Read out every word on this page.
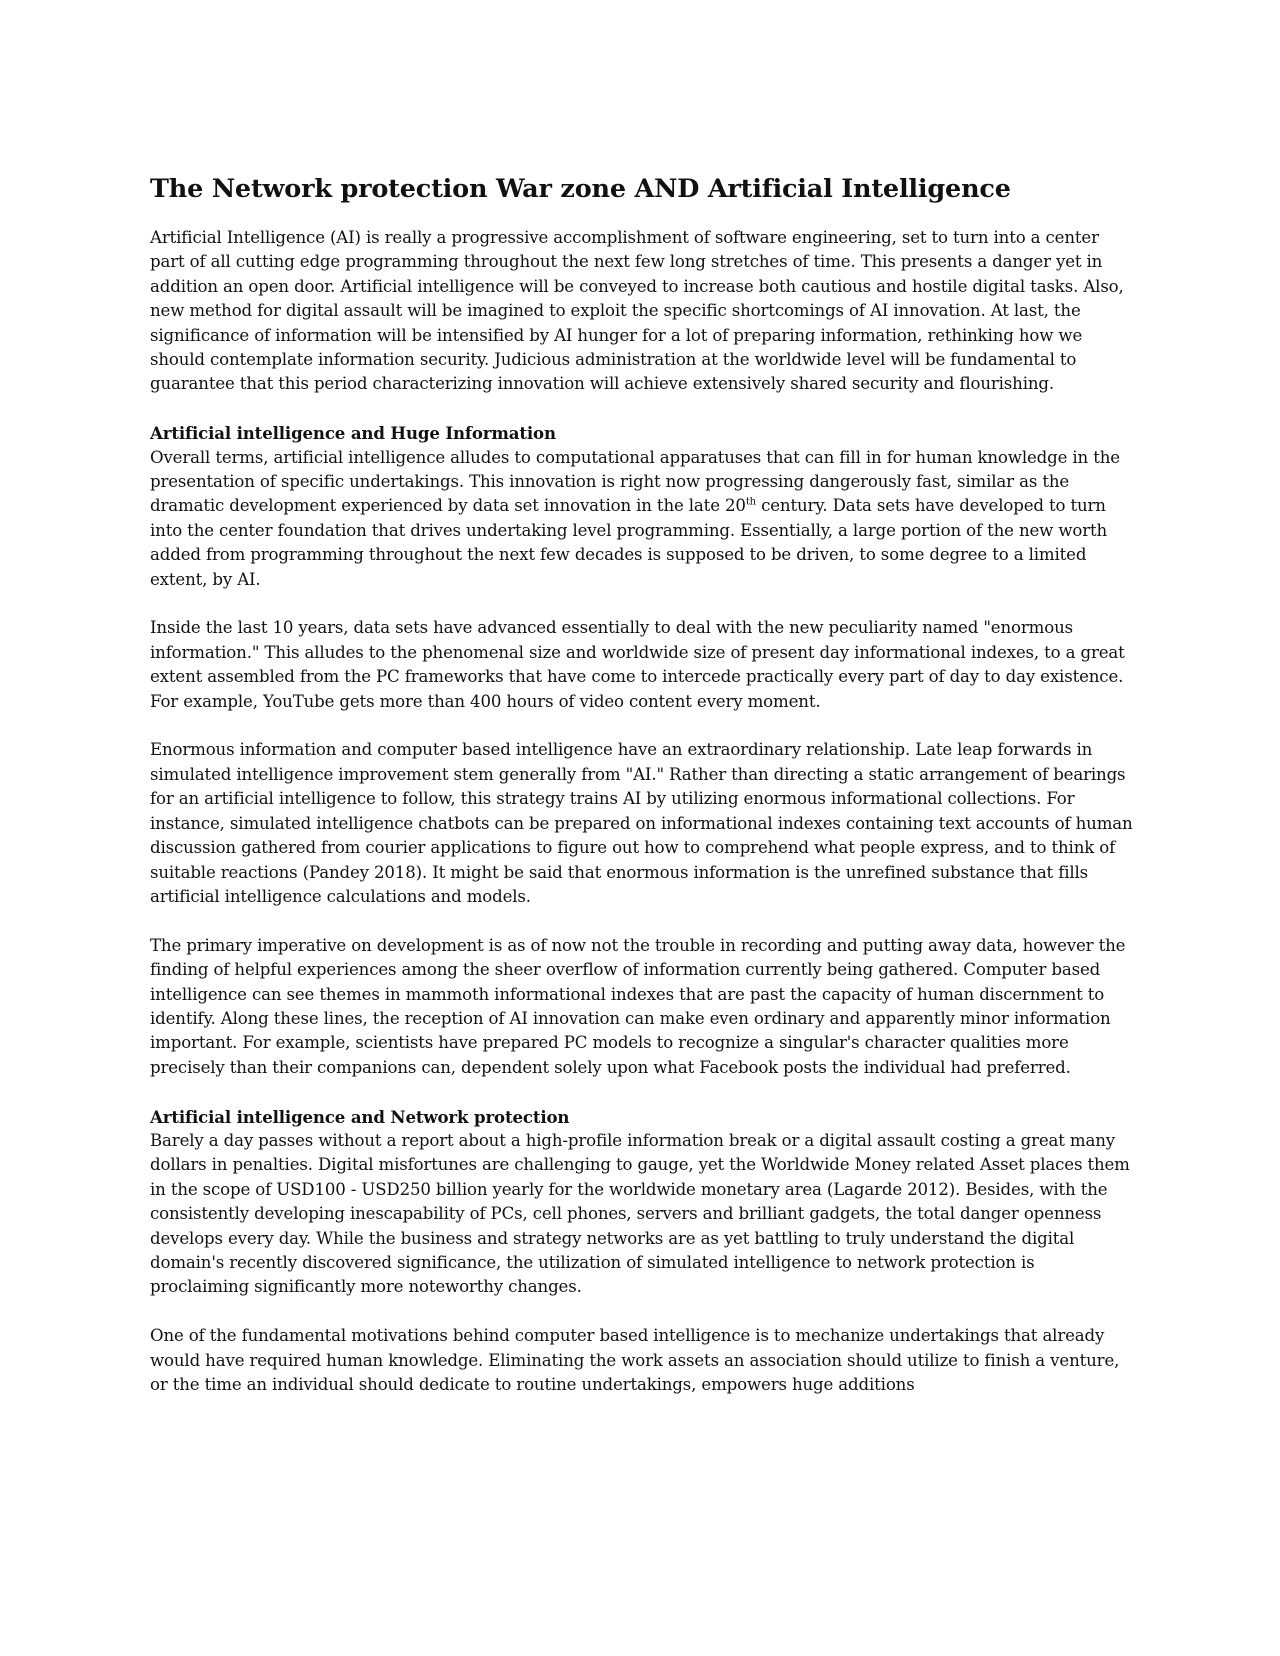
The Network protection War zone AND Artificial Intelligence

Artificial Intelligence (AI) is really a progressive accomplishment of software engineering, set to turn into a center part of all cutting edge programming throughout the next few long stretches of time. This presents a danger yet in addition an open door. Artificial intelligence will be conveyed to increase both cautious and hostile digital tasks. Also, new method for digital assault will be imagined to exploit the specific shortcomings of AI innovation. At last, the significance of information will be intensified by AI hunger for a lot of preparing information, rethinking how we should contemplate information security. Judicious administration at the worldwide level will be fundamental to guarantee that this period characterizing innovation will achieve extensively shared security and flourishing.

Artificial intelligence and Huge Information

Overall terms, artificial intelligence alludes to computational apparatuses that can fill in for human knowledge in the presentation of specific undertakings. This innovation is right now progressing dangerously fast, similar as the dramatic development experienced by data set innovation in the late 20th century. Data sets have developed to turn into the center foundation that drives undertaking level programming. Essentially, a large portion of the new worth added from programming throughout the next few decades is supposed to be driven, to some degree to a limited extent, by AI.

Inside the last 10 years, data sets have advanced essentially to deal with the new peculiarity named "enormous information." This alludes to the phenomenal size and worldwide size of present day informational indexes, to a great extent assembled from the PC frameworks that have come to intercede practically every part of day to day existence. For example, YouTube gets more than 400 hours of video content every moment.

Enormous information and computer based intelligence have an extraordinary relationship. Late leap forwards in simulated intelligence improvement stem generally from "AI." Rather than directing a static arrangement of bearings for an artificial intelligence to follow, this strategy trains AI by utilizing enormous informational collections. For instance, simulated intelligence chatbots can be prepared on informational indexes containing text accounts of human discussion gathered from courier applications to figure out how to comprehend what people express, and to think of suitable reactions (Pandey 2018). It might be said that enormous information is the unrefined substance that fills artificial intelligence calculations and models.

The primary imperative on development is as of now not the trouble in recording and putting away data, however the finding of helpful experiences among the sheer overflow of information currently being gathered. Computer based intelligence can see themes in mammoth informational indexes that are past the capacity of human discernment to identify. Along these lines, the reception of AI innovation can make even ordinary and apparently minor information important. For example, scientists have prepared PC models to recognize a singular's character qualities more precisely than their companions can, dependent solely upon what Facebook posts the individual had preferred.

Artificial intelligence and Network protection

Barely a day passes without a report about a high-profile information break or a digital assault costing a great many dollars in penalties. Digital misfortunes are challenging to gauge, yet the Worldwide Money related Asset places them in the scope of USD100 - USD250 billion yearly for the worldwide monetary area (Lagarde 2012). Besides, with the consistently developing inescapability of PCs, cell phones, servers and brilliant gadgets, the total danger openness develops every day. While the business and strategy networks are as yet battling to truly understand the digital domain's recently discovered significance, the utilization of simulated intelligence to network protection is proclaiming significantly more noteworthy changes.

One of the fundamental motivations behind computer based intelligence is to mechanize undertakings that already would have required human knowledge. Eliminating the work assets an association should utilize to finish a venture, or the time an individual should dedicate to routine undertakings, empowers huge additions
